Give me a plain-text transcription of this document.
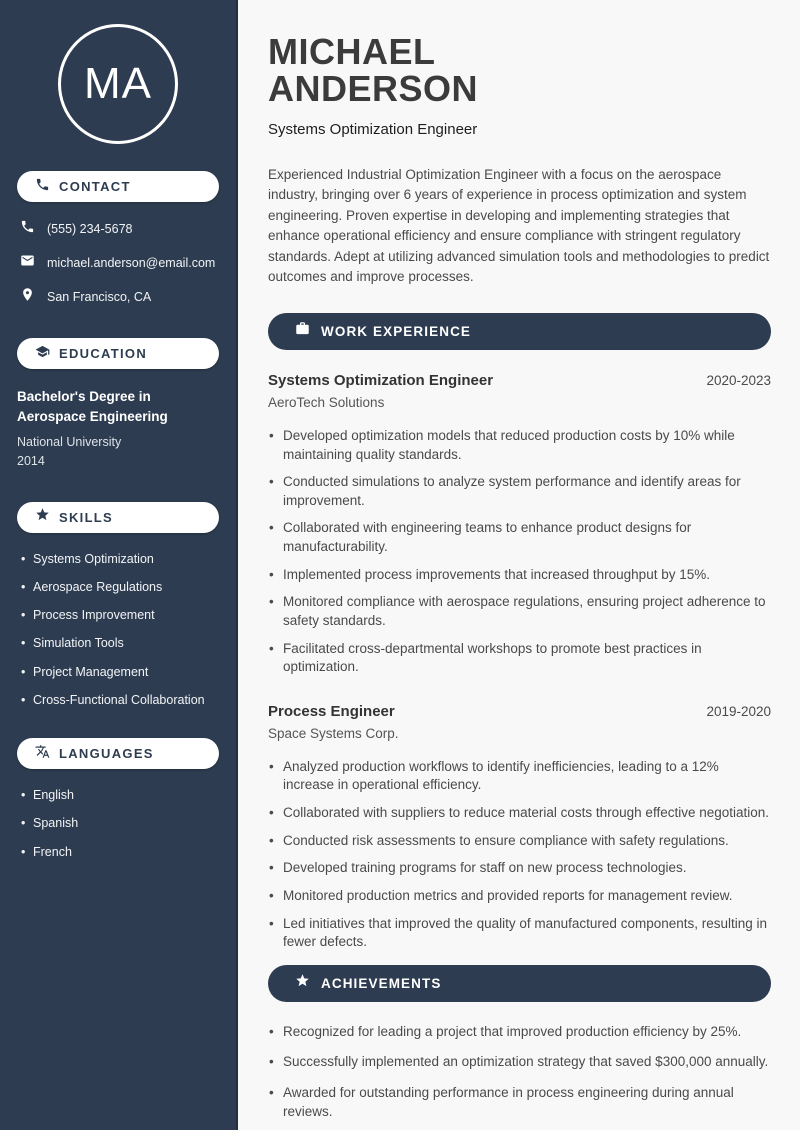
MA
CONTACT
(555) 234-5678
michael.anderson@email.com
San Francisco, CA
EDUCATION
Bachelor's Degree in Aerospace Engineering
National University
2014
SKILLS
• Systems Optimization
• Aerospace Regulations
• Process Improvement
• Simulation Tools
• Project Management
• Cross-Functional Collaboration
LANGUAGES
• English
• Spanish
• French
MICHAEL
ANDERSON
Systems Optimization Engineer

Experienced Industrial Optimization Engineer with a focus on the aerospace industry, bringing over 6 years of experience in process optimization and system engineering. Proven expertise in developing and implementing strategies that enhance operational efficiency and ensure compliance with stringent regulatory standards. Adept at utilizing advanced simulation tools and methodologies to predict outcomes and improve processes.

WORK EXPERIENCE
Systems Optimization Engineer	2020-2023
AeroTech Solutions
• Developed optimization models that reduced production costs by 10% while maintaining quality standards.
• Conducted simulations to analyze system performance and identify areas for improvement.
• Collaborated with engineering teams to enhance product designs for manufacturability.
• Implemented process improvements that increased throughput by 15%.
• Monitored compliance with aerospace regulations, ensuring project adherence to safety standards.
• Facilitated cross-departmental workshops to promote best practices in optimization.
Process Engineer	2019-2020
Space Systems Corp.
• Analyzed production workflows to identify inefficiencies, leading to a 12% increase in operational efficiency.
• Collaborated with suppliers to reduce material costs through effective negotiation.
• Conducted risk assessments to ensure compliance with safety regulations.
• Developed training programs for staff on new process technologies.
• Monitored production metrics and provided reports for management review.
• Led initiatives that improved the quality of manufactured components, resulting in fewer defects.
ACHIEVEMENTS
• Recognized for leading a project that improved production efficiency by 25%.
• Successfully implemented an optimization strategy that saved $300,000 annually.
• Awarded for outstanding performance in process engineering during annual reviews.
